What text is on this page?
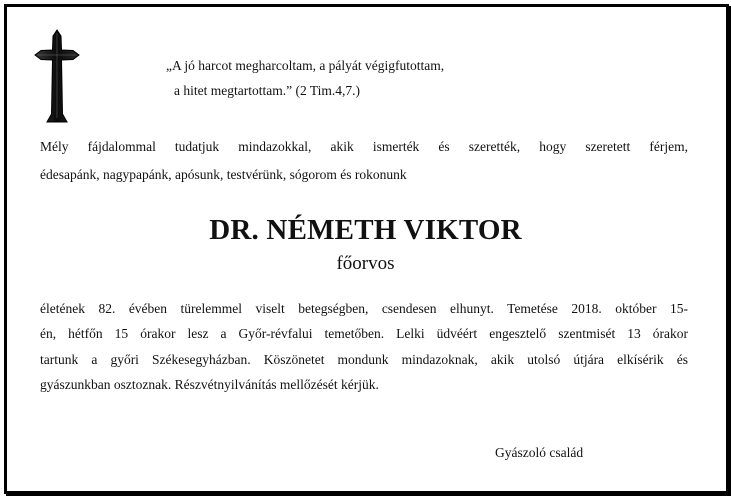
„A jó harcot megharcoltam, a pályát végigfutottam,
a hitet megtartottam.” (2 Tim.4,7.)
Mély fájdalommal tudatjuk mindazokkal, akik ismerték és szerették, hogy szeretett férjem,
édesapánk, nagypapánk, apósunk, testvérünk, sógorom és rokonunk
DR. NÉMETH VIKTOR
főorvos
életének 82. évében türelemmel viselt betegségben, csendesen elhunyt. Temetése 2018. október 15-
én, hétfőn 15 órakor lesz a Győr-révfalui temetőben. Lelki üdvéért engesztelő szentmisét 13 órakor
tartunk a győri Székesegyházban. Köszönetet mondunk mindazoknak, akik utolsó útjára elkísérik és
gyászunkban osztoznak. Részvétnyilvánítás mellőzését kérjük.
Gyászoló család
